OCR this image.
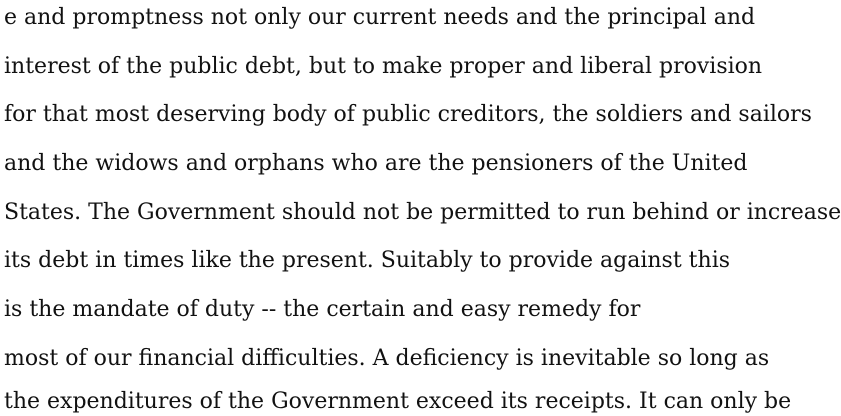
e and promptness not only our current needs and the principal and
interest of the public debt, but to make proper and liberal provision
for that most deserving body of public creditors, the soldiers and sailors
and the widows and orphans who are the pensioners of the United
States. The Government should not be permitted to run behind or increase
its debt in times like the present. Suitably to provide against this
is the mandate of duty -- the certain and easy remedy for
most of our financial difficulties. A deficiency is inevitable so long as
the expenditures of the Government exceed its receipts. It can only be
